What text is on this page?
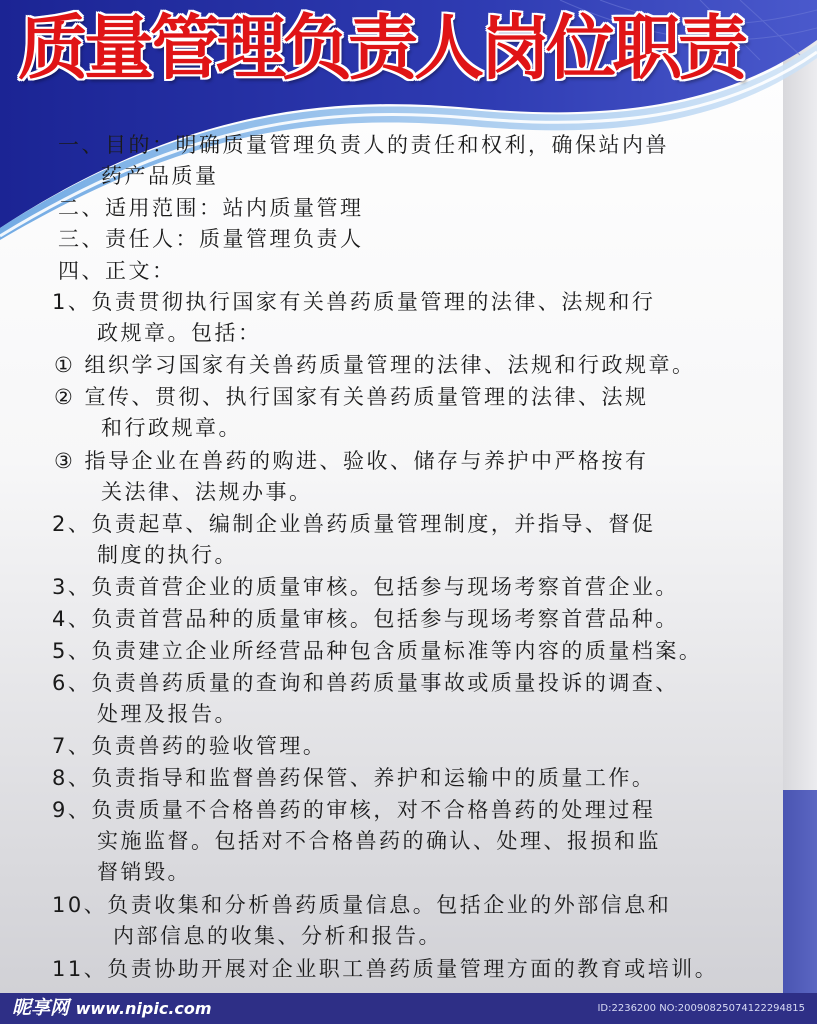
质量管理负责人岗位职责
一、目的：明确质量管理负责人的责任和权利，确保站内兽
药产品质量
二、适用范围：站内质量管理
三、责任人：质量管理负责人
四、正文：
1、负责贯彻执行国家有关兽药质量管理的法律、法规和行
政规章。包括：
① 组织学习国家有关兽药质量管理的法律、法规和行政规章。
② 宣传、贯彻、执行国家有关兽药质量管理的法律、法规
和行政规章。
③ 指导企业在兽药的购进、验收、储存与养护中严格按有
关法律、法规办事。
2、负责起草、编制企业兽药质量管理制度，并指导、督促
制度的执行。
3、负责首营企业的质量审核。包括参与现场考察首营企业。
4、负责首营品种的质量审核。包括参与现场考察首营品种。
5、负责建立企业所经营品种包含质量标准等内容的质量档案。
6、负责兽药质量的查询和兽药质量事故或质量投诉的调查、
处理及报告。
7、负责兽药的验收管理。
8、负责指导和监督兽药保管、养护和运输中的质量工作。
9、负责质量不合格兽药的审核，对不合格兽药的处理过程
实施监督。包括对不合格兽药的确认、处理、报损和监
督销毁。
10、负责收集和分析兽药质量信息。包括企业的外部信息和
内部信息的收集、分析和报告。
11、负责协助开展对企业职工兽药质量管理方面的教育或培训。
昵享网 www.nipic.com	ID:2236200 NO:20090825074122294815
